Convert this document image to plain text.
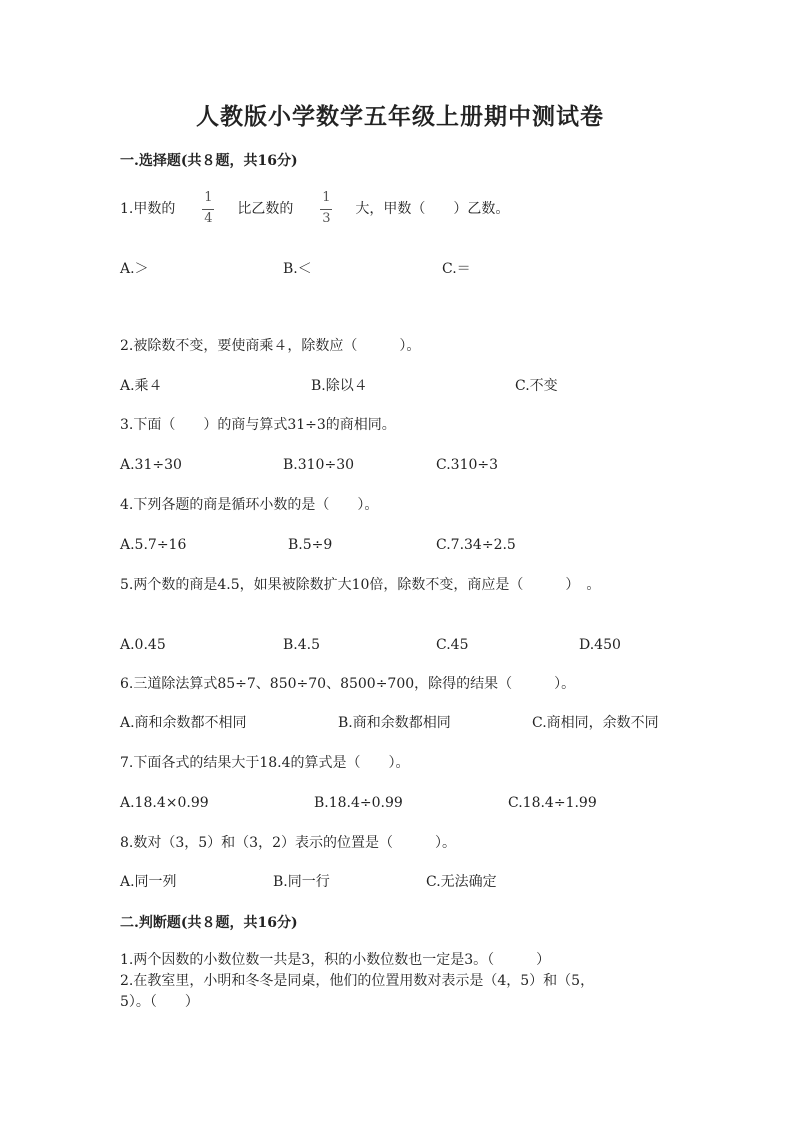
人教版小学数学五年级上册期中测试卷
一.选择题(共８题，共16分)
1.甲数的 $\frac{1}{4}$ 比乙数的 $\frac{1}{3}$ 大，甲数（　　）乙数。
A.＞	B.＜	C.＝

2.被除数不变，要使商乘４，除数应（　　　）。

A.乘４	B.除以４	C.不变

3.下面（　　）的商与算式31÷3的商相同。

A.31÷30	B.310÷30	C.310÷3

4.下列各题的商是循环小数的是（　　）。

A.5.7÷16	B.5÷9	C.7.34÷2.5

5.两个数的商是4.5，如果被除数扩大10倍，除数不变，商应是（　　　）　。

A.0.45	B.4.5	C.45	D.450

6.三道除法算式85÷7、850÷70、8500÷700，除得的结果（　　　）。

A.商和余数都不相同	B.商和余数都相同	C.商相同，余数不同

7.下面各式的结果大于18.4的算式是（　　）。

A.18.4×0.99	B.18.4÷0.99	C.18.4÷1.99

8.数对（3，5）和（3，2）表示的位置是（　　　）。

A.同一列	B.同一行	C.无法确定
二.判断题(共８题，共16分)

1.两个因数的小数位数一共是3，积的小数位数也一定是3。（　　　）

2.在教室里，小明和冬冬是同桌，他们的位置用数对表示是（4，5）和（5，

5）。（　　）
